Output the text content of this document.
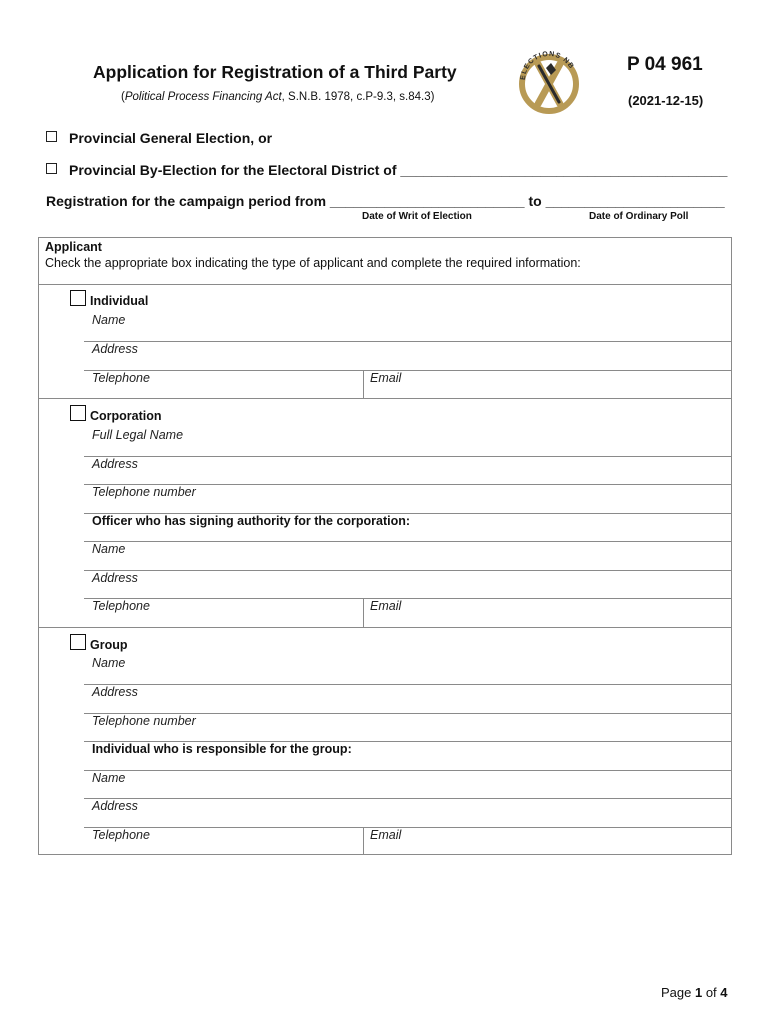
Application for Registration of a Third Party
(Political Process Financing Act, S.N.B. 1978, c.P-9.3, s.84.3)
ELECTIONS NB	P 04 961
(2021-12-15)
Provincial General Election, or
Provincial By-Election for the Electoral District of __________________________________________
Registration for the campaign period from _________________________ to _______________________
Date of Writ of Election	Date of Ordinary Poll
Applicant
Check the appropriate box indicating the type of applicant and complete the required information:
Individual
Name
Address
Telephone	Email
Corporation
Full Legal Name
Address
Telephone number
Officer who has signing authority for the corporation:
Name
Address
Telephone	Email
Group
Name
Address
Telephone number
Individual who is responsible for the group:
Name
Address
Telephone	Email
Page 1 of 4
